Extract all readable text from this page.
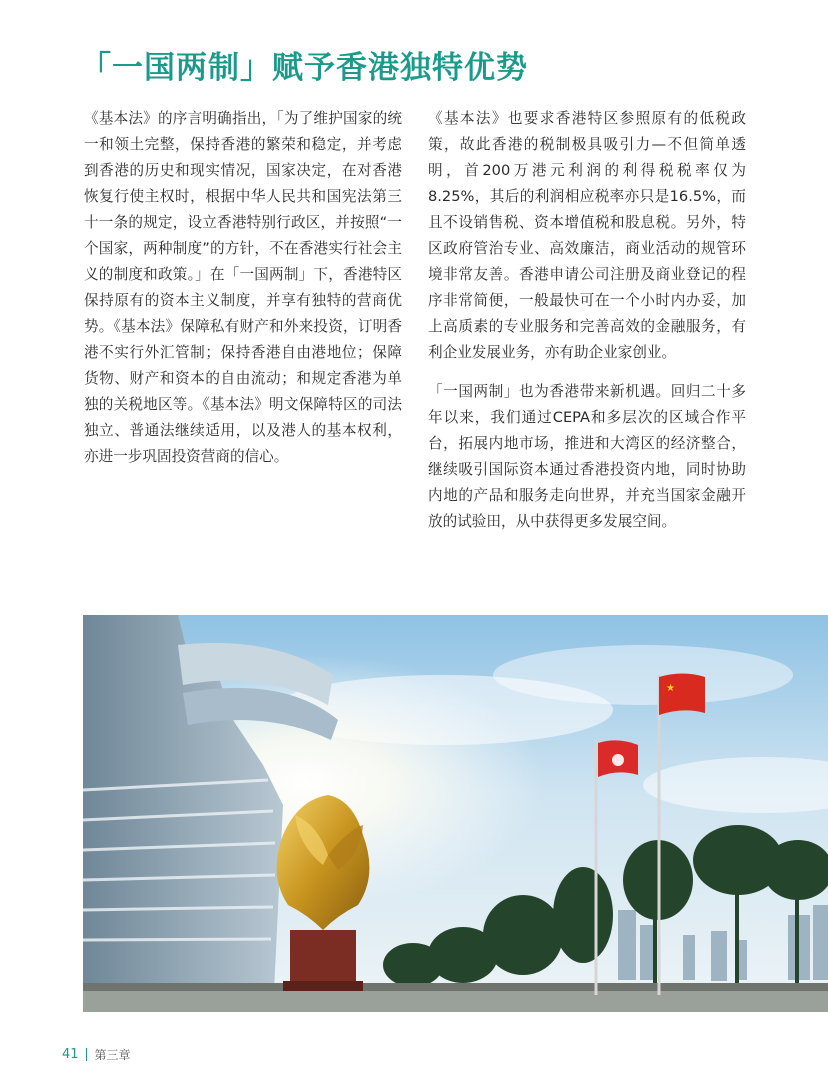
「一国两制」赋予香港独特优势

《基本法》的序言明确指出，「为了维护国家的统一和领土完整，保持香港的繁荣和稳定，并考虑到香港的历史和现实情况，国家决定，在对香港恢复行使主权时，根据中华人民共和国宪法第三十一条的规定，设立香港特别行政区，并按照“一个国家，两种制度”的方针，不在香港实行社会主义的制度和政策。」在「一国两制」下，香港特区保持原有的资本主义制度，并享有独特的营商优势。《基本法》保障私有财产和外来投资，订明香港不实行外汇管制；保持香港自由港地位；保障货物、财产和资本的自由流动；和规定香港为单独的关税地区等。《基本法》明文保障特区的司法独立、普通法继续适用，以及港人的基本权利，亦进一步巩固投资营商的信心。

《基本法》也要求香港特区参照原有的低税政策，故此香港的税制极具吸引力—不但简单透明，首200万港元利润的利得税税率仅为8.25%，其后的利润相应税率亦只是16.5%，而且不设销售税、资本增值税和股息税。另外，特区政府管治专业、高效廉洁，商业活动的规管环境非常友善。香港申请公司注册及商业登记的程序非常简便，一般最快可在一个小时内办妥，加上高质素的专业服务和完善高效的金融服务，有利企业发展业务，亦有助企业家创业。

「一国两制」也为香港带来新机遇。回归二十多年以来，我们通过CEPA和多层次的区域合作平台，拓展内地市场，推进和大湾区的经济整合，继续吸引国际资本通过香港投资内地，同时协助内地的产品和服务走向世界，并充当国家金融开放的试验田，从中获得更多发展空间。

★
41 第三章
